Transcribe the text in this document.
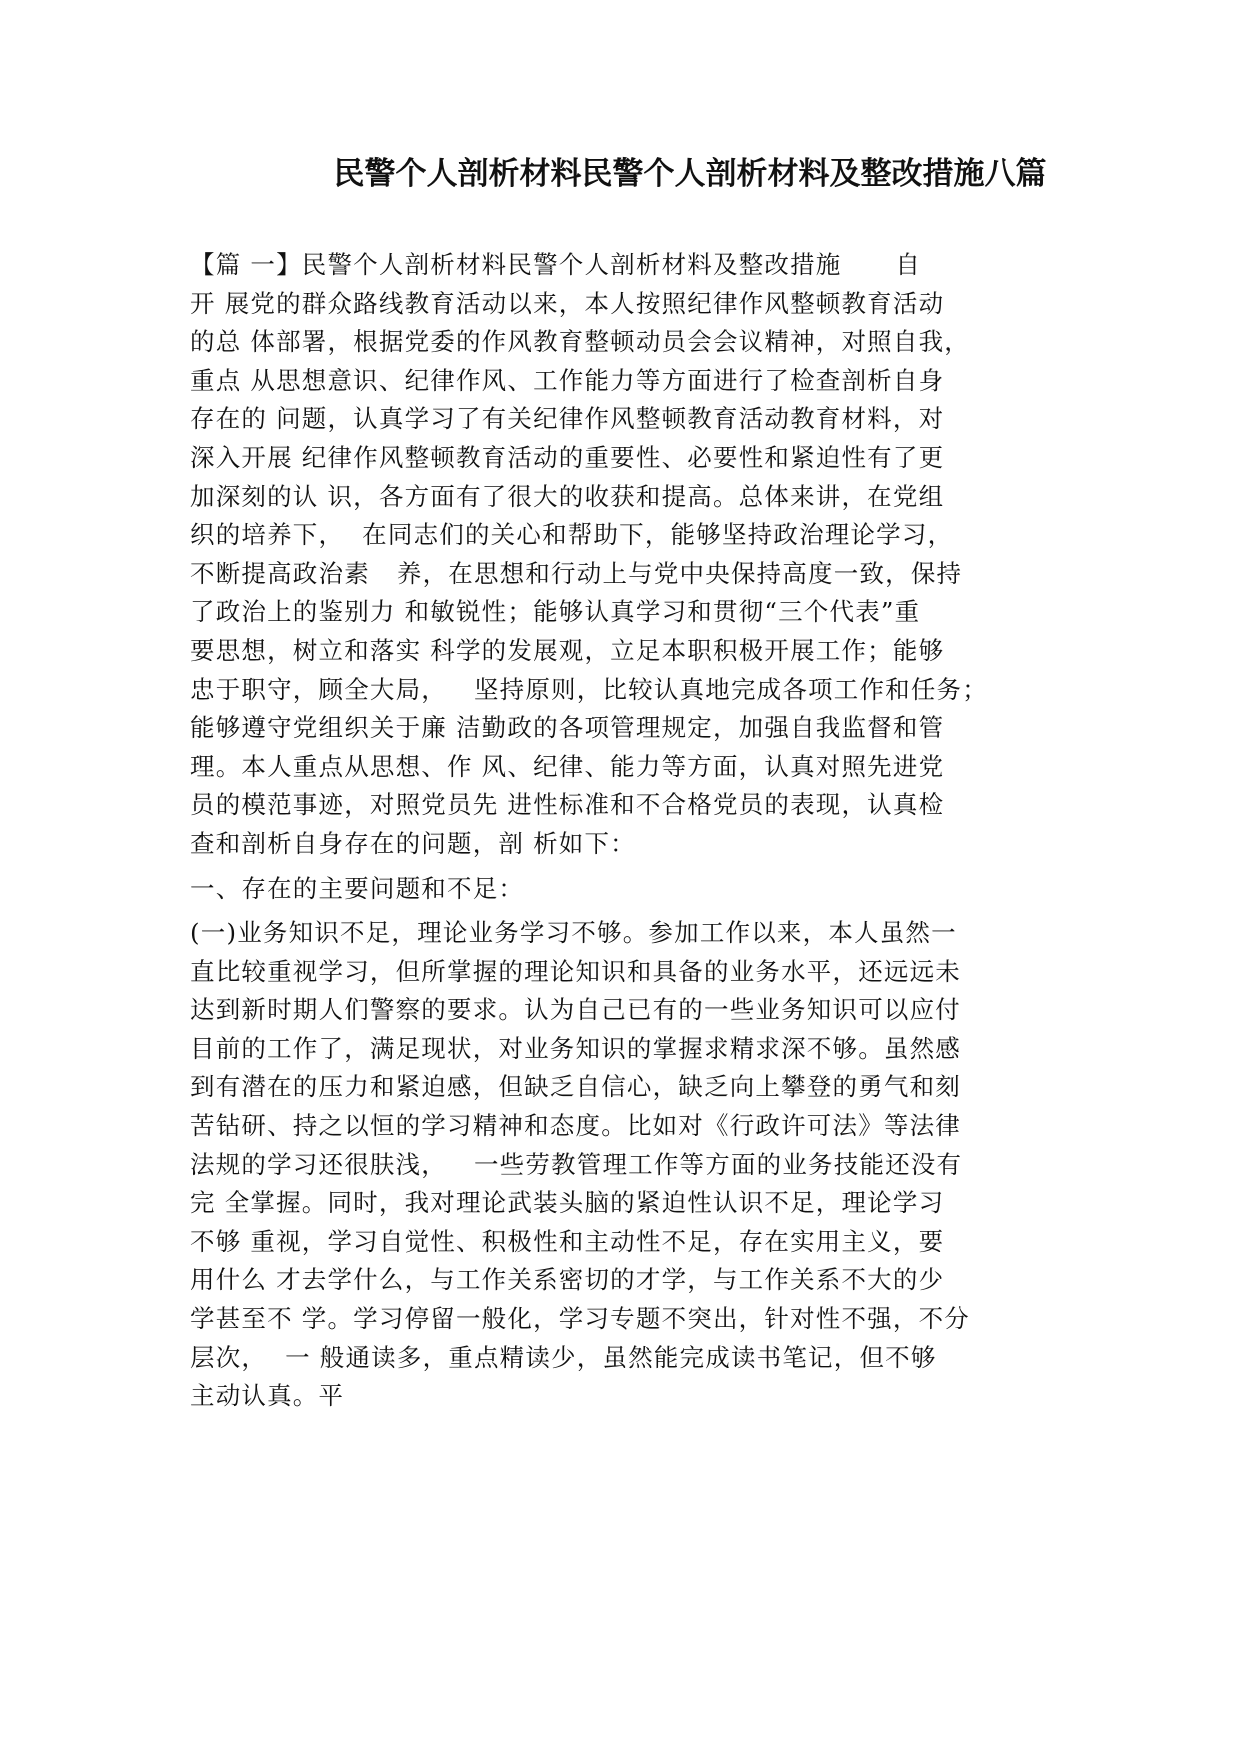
民警个人剖析材料民警个人剖析材料及整改措施八篇
【篇 一】民警个人剖析材料民警个人剖析材料及整改措施      自
开 展党的群众路线教育活动以来，本人按照纪律作风整顿教育活动
的总 体部署，根据党委的作风教育整顿动员会会议精神，对照自我，
重点 从思想意识、纪律作风、工作能力等方面进行了检查剖析自身
存在的 问题，认真学习了有关纪律作风整顿教育活动教育材料，对
深入开展 纪律作风整顿教育活动的重要性、必要性和紧迫性有了更
加深刻的认 识，各方面有了很大的收获和提高。总体来讲，在党组
织的培养下，  在同志们的关心和帮助下，能够坚持政治理论学习，
不断提高政治素   养，在思想和行动上与党中央保持高度一致，保持
了政治上的鉴别力 和敏锐性；能够认真学习和贯彻“三个代表”重
要思想，树立和落实 科学的发展观，立足本职积极开展工作；能够
忠于职守，顾全大局，   坚持原则，比较认真地完成各项工作和任务；
能够遵守党组织关于廉 洁勤政的各项管理规定，加强自我监督和管
理。本人重点从思想、作 风、纪律、能力等方面，认真对照先进党
员的模范事迹，对照党员先 进性标准和不合格党员的表现，认真检
查和剖析自身存在的问题，剖 析如下：
一、存在的主要问题和不足：
(一)业务知识不足，理论业务学习不够。参加工作以来，本人虽然一
直比较重视学习，但所掌握的理论知识和具备的业务水平，还远远未
达到新时期人们警察的要求。认为自己已有的一些业务知识可以应付
目前的工作了，满足现状，对业务知识的掌握求精求深不够。虽然感
到有潜在的压力和紧迫感，但缺乏自信心，缺乏向上攀登的勇气和刻
苦钻研、持之以恒的学习精神和态度。比如对《行政许可法》等法律
法规的学习还很肤浅，   一些劳教管理工作等方面的业务技能还没有
完 全掌握。同时，我对理论武装头脑的紧迫性认识不足，理论学习
不够 重视，学习自觉性、积极性和主动性不足，存在实用主义，要
用什么 才去学什么，与工作关系密切的才学，与工作关系不大的少
学甚至不 学。学习停留一般化，学习专题不突出，针对性不强，不分
层次，  一 般通读多，重点精读少，虽然能完成读书笔记，但不够
主动认真。平
